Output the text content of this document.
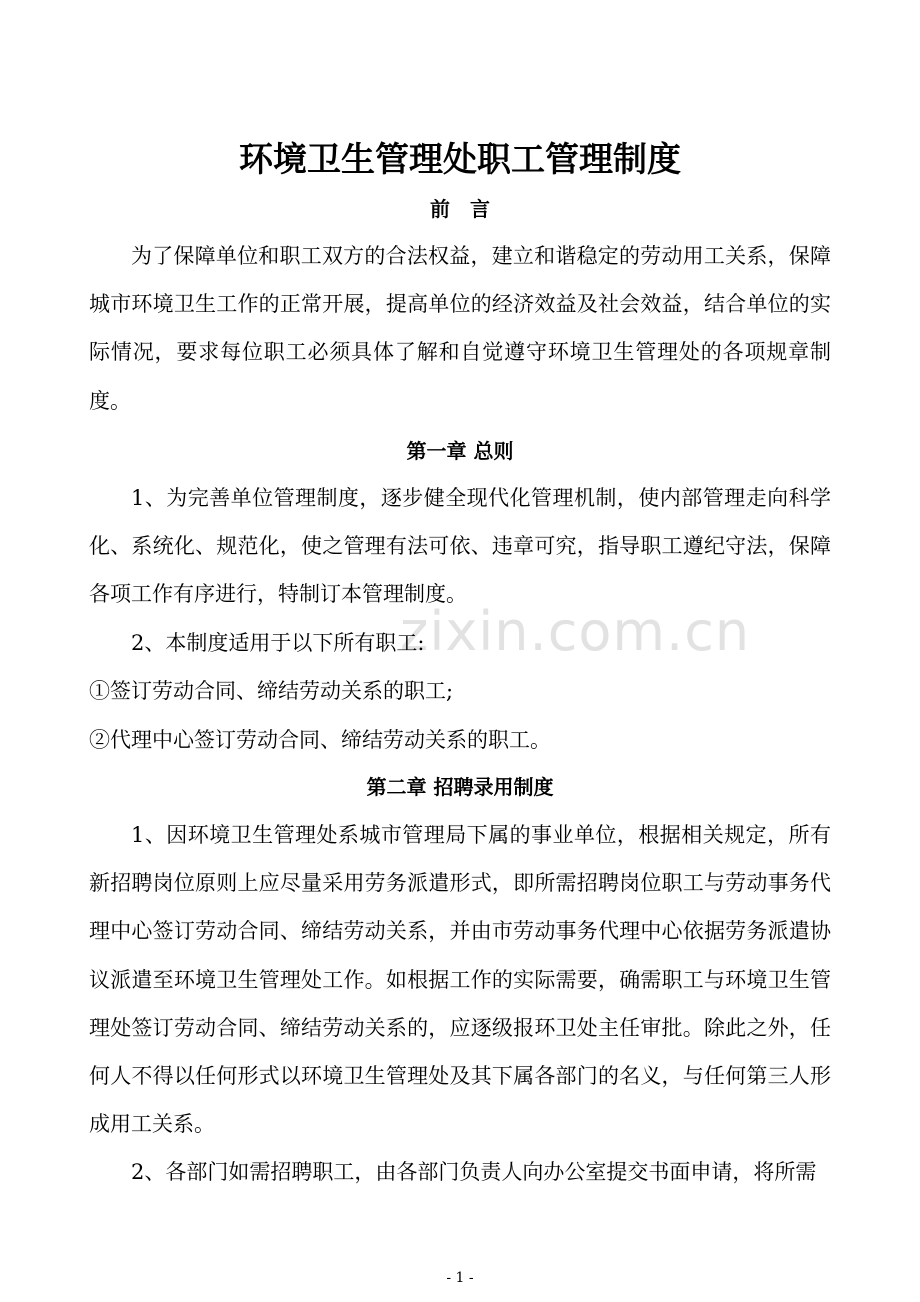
zixin.com.cn
环境卫生管理处职工管理制度
前　言

为了保障单位和职工双方的合法权益，建立和谐稳定的劳动用工关系，保障城市环境卫生工作的正常开展，提高单位的经济效益及社会效益，结合单位的实际情况，要求每位职工必须具体了解和自觉遵守环境卫生管理处的各项规章制度。

第一章 总则

1、为完善单位管理制度，逐步健全现代化管理机制，使内部管理走向科学化、系统化、规范化，使之管理有法可依、违章可究，指导职工遵纪守法，保障各项工作有序进行，特制订本管理制度。

2、本制度适用于以下所有职工:

①签订劳动合同、缔结劳动关系的职工;

②代理中心签订劳动合同、缔结劳动关系的职工。

第二章 招聘录用制度

1、因环境卫生管理处系城市管理局下属的事业单位，根据相关规定，所有新招聘岗位原则上应尽量采用劳务派遣形式，即所需招聘岗位职工与劳动事务代理中心签订劳动合同、缔结劳动关系，并由市劳动事务代理中心依据劳务派遣协议派遣至环境卫生管理处工作。如根据工作的实际需要，确需职工与环境卫生管理处签订劳动合同、缔结劳动关系的，应逐级报环卫处主任审批。除此之外，任何人不得以任何形式以环境卫生管理处及其下属各部门的名义，与任何第三人形成用工关系。

2、各部门如需招聘职工，由各部门负责人向办公室提交书面申请，将所需

- 1 -
